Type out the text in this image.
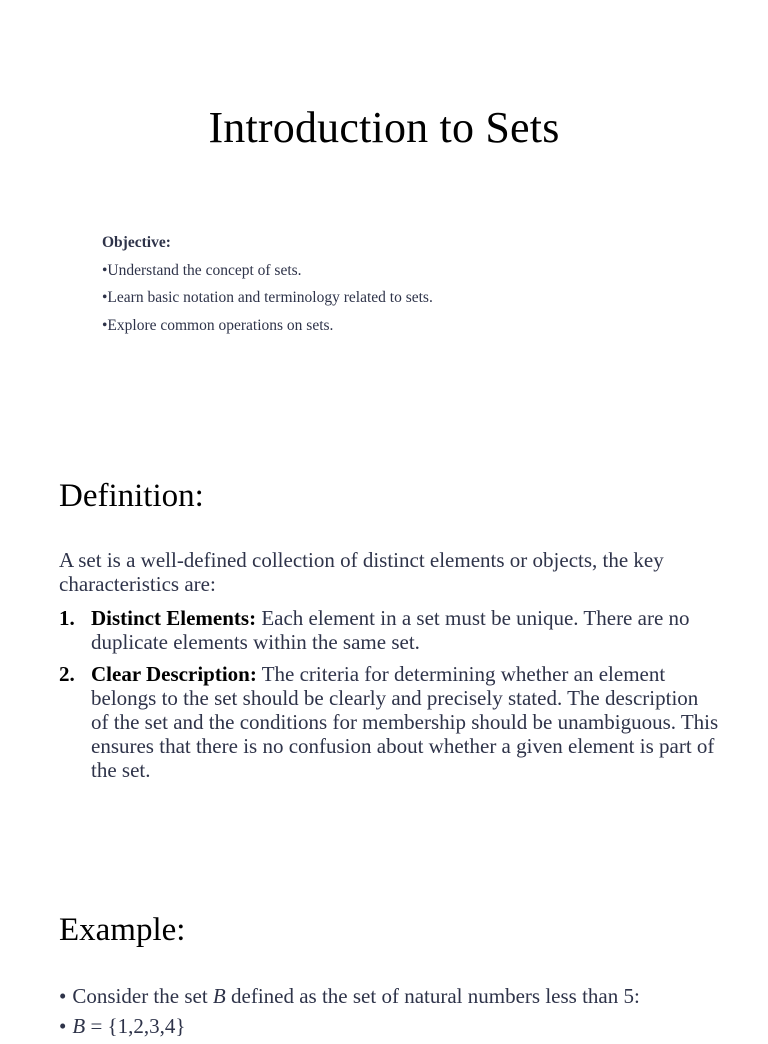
Introduction to Sets
Objective:
•Understand the concept of sets.
•Learn basic notation and terminology related to sets.
•Explore common operations on sets.
Definition:

A set is a well-defined collection of distinct elements or objects, the key characteristics are:

1. Distinct Elements: Each element in a set must be unique. There are no duplicate elements within the same set.
2. Clear Description: The criteria for determining whether an element belongs to the set should be clearly and precisely stated. The description of the set and the conditions for membership should be unambiguous. This ensures that there is no confusion about whether a given element is part of the set.
Example:
• Consider the set B defined as the set of natural numbers less than 5:
• B = {1,2,3,4}
